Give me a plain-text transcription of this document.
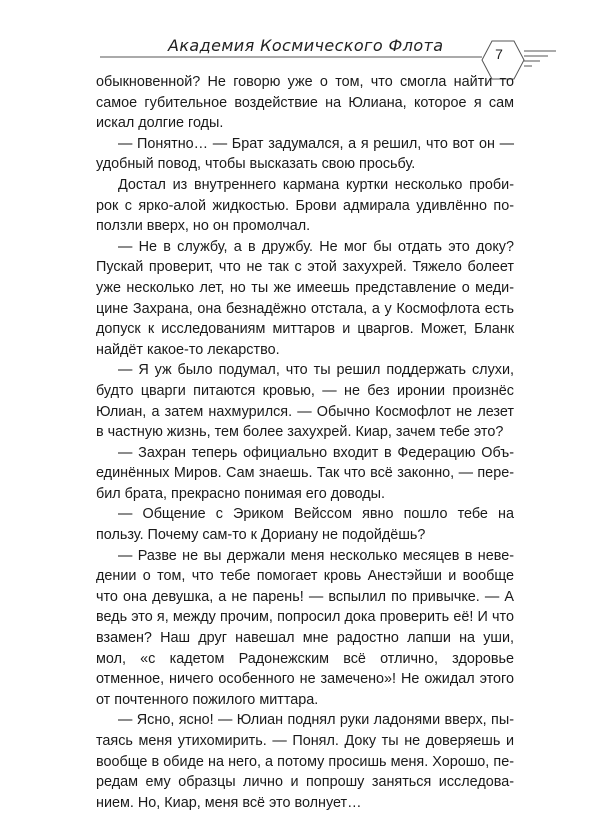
Академия Космического Флота	7

обыкновенной? Не говорю уже о том, что смогла найти то самое губительное воздействие на Юлиана, которое я сам искал долгие годы.

— Понятно… — Брат задумался, а я решил, что вот он — удобный повод, чтобы высказать свою просьбу.

Достал из внутреннего кармана куртки несколько пробирок с ярко-алой жидкостью. Брови адмирала удивлённо поползли вверх, но он промолчал.

— Не в службу, а в дружбу. Не мог бы отдать это доку? Пускай проверит, что не так с этой захухрей. Тяжело болеет уже несколько лет, но ты же имеешь представление о медицине Захрана, она безнадёжно отстала, а у Космофлота есть допуск к исследованиям миттаров и цваргов. Может, Бланк найдёт какое-то лекарство.

— Я уж было подумал, что ты решил поддержать слухи, будто цварги питаются кровью, — не без иронии произнёс Юлиан, а затем нахмурился. — Обычно Космофлот не лезет в частную жизнь, тем более захухрей. Киар, зачем тебе это?

— Захран теперь официально входит в Федерацию Объединённых Миров. Сам знаешь. Так что всё законно, — перебил брата, прекрасно понимая его доводы.

— Общение с Эриком Вейссом явно пошло тебе на пользу. Почему сам-то к Дориану не подойдёшь?

— Разве не вы держали меня несколько месяцев в неведении о том, что тебе помогает кровь Анестэйши и вообще что она девушка, а не парень! — вспылил по привычке. — А ведь это я, между прочим, попросил дока проверить её! И что взамен? Наш друг навешал мне радостно лапши на уши, мол, «с кадетом Радонежским всё отлично, здоровье отменное, ничего особенного не замечено»! Не ожидал этого от почтенного пожилого миттара.

— Ясно, ясно! — Юлиан поднял руки ладонями вверх, пытаясь меня утихомирить. — Понял. Доку ты не доверяешь и вообще в обиде на него, а потому просишь меня. Хорошо, передам ему образцы лично и попрошу заняться исследованием. Но, Киар, меня всё это волнует…
